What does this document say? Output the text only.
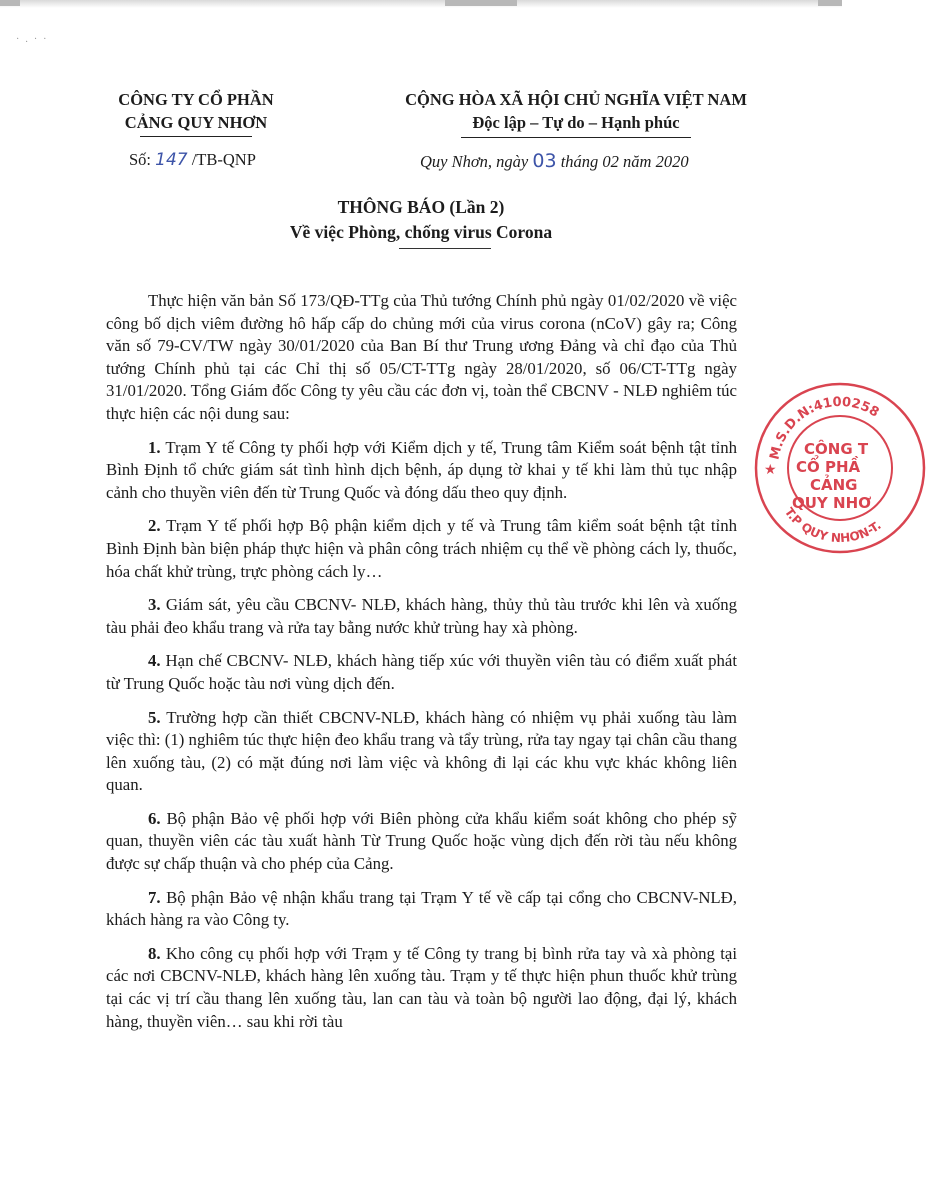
·.··
CÔNG TY CỔ PHẦN
CẢNG QUY NHƠN
CỘNG HÒA XÃ HỘI CHỦ NGHĨA VIỆT NAM
Độc lập – Tự do – Hạnh phúc
Số: 147 /TB-QNP	Quy Nhơn, ngày 03 tháng 02 năm 2020
THÔNG BÁO (Lần 2)
Về việc Phòng, chống virus Corona

Thực hiện văn bản Số 173/QĐ-TTg của Thủ tướng Chính phủ ngày 01/02/2020 về việc công bố dịch viêm đường hô hấp cấp do chủng mới của virus corona (nCoV) gây ra; Công văn số 79-CV/TW ngày 30/01/2020 của Ban Bí thư Trung ương Đảng và chỉ đạo của Thủ tướng Chính phủ tại các Chỉ thị số 05/CT-TTg ngày 28/01/2020, số 06/CT-TTg ngày 31/01/2020. Tổng Giám đốc Công ty yêu cầu các đơn vị, toàn thể CBCNV - NLĐ nghiêm túc thực hiện các nội dung sau:

1. Trạm Y tế Công ty phối hợp với Kiểm dịch y tế, Trung tâm Kiểm soát bệnh tật tỉnh Bình Định tổ chức giám sát tình hình dịch bệnh, áp dụng tờ khai y tế khi làm thủ tục nhập cảnh cho thuyền viên đến từ Trung Quốc và đóng dấu theo quy định.

2. Trạm Y tế phối hợp Bộ phận kiểm dịch y tế và Trung tâm kiểm soát bệnh tật tỉnh Bình Định bàn biện pháp thực hiện và phân công trách nhiệm cụ thể về phòng cách ly, thuốc, hóa chất khử trùng, trực phòng cách ly…

3. Giám sát, yêu cầu CBCNV- NLĐ, khách hàng, thủy thủ tàu trước khi lên và xuống tàu phải đeo khẩu trang và rửa tay bằng nước khử trùng hay xà phòng.

4. Hạn chế CBCNV- NLĐ, khách hàng tiếp xúc với thuyền viên tàu có điểm xuất phát từ Trung Quốc hoặc tàu nơi vùng dịch đến.

5. Trường hợp cần thiết CBCNV-NLĐ, khách hàng có nhiệm vụ phải xuống tàu làm việc thì: (1) nghiêm túc thực hiện đeo khẩu trang và tẩy trùng, rửa tay ngay tại chân cầu thang lên xuống tàu, (2) có mặt đúng nơi làm việc và không đi lại các khu vực khác không liên quan.

6. Bộ phận Bảo vệ phối hợp với Biên phòng cửa khẩu kiểm soát không cho phép sỹ quan, thuyền viên các tàu xuất hành Từ Trung Quốc hoặc vùng dịch đến rời tàu nếu không được sự chấp thuận và cho phép của Cảng.

7. Bộ phận Bảo vệ nhận khẩu trang tại Trạm Y tế về cấp tại cổng cho CBCNV-NLĐ, khách hàng ra vào Công ty.

8. Kho công cụ phối hợp với Trạm y tế Công ty trang bị bình rửa tay và xà phòng tại các nơi CBCNV-NLĐ, khách hàng lên xuống tàu. Trạm y tế thực hiện phun thuốc khử trùng tại các vị trí cầu thang lên xuống tàu, lan can tàu và toàn bộ người lao động, đại lý, khách hàng, thuyền viên… sau khi rời tàu

M.S.D.N:4100258
T.P QUY NHƠN-T.
★
CÔNG T
CỔ PHẦ
CẢNG
QUY NHƠ
